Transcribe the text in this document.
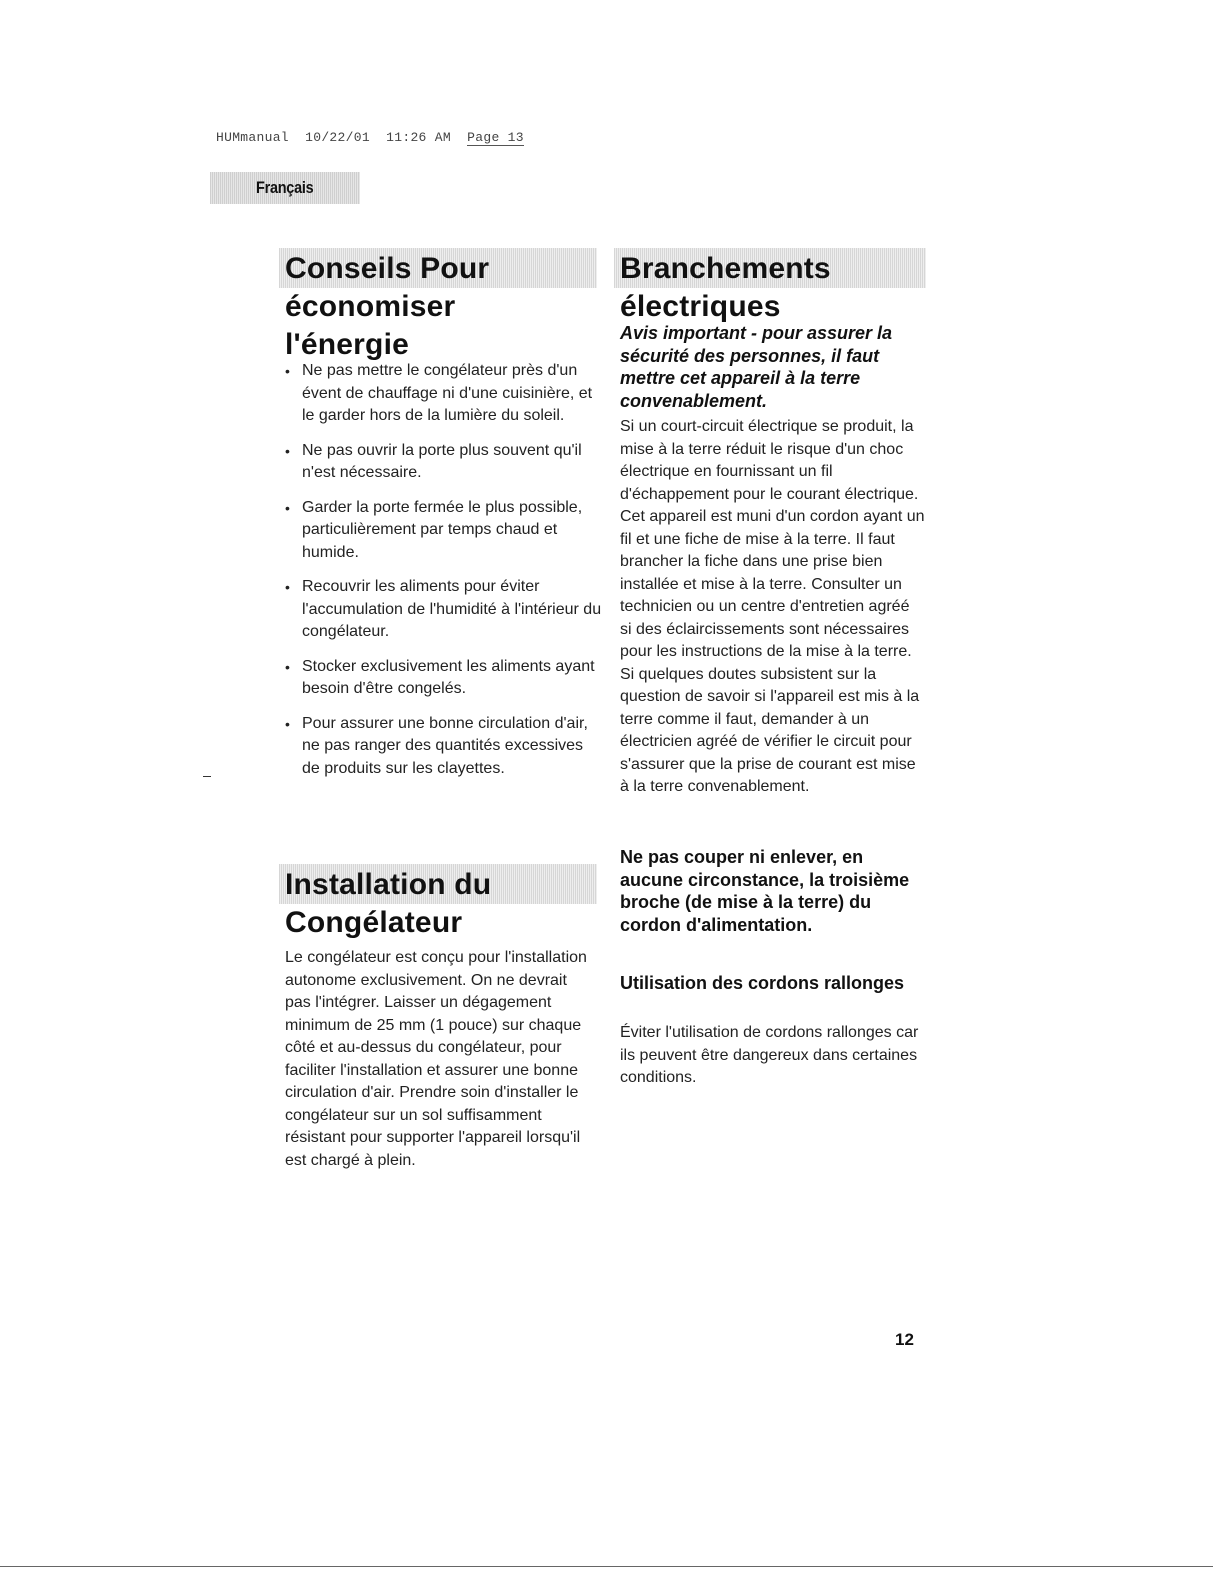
HUMmanual 10/22/01 11:26 AM Page 13
Français
Conseils Pour
économiser
l'énergie
• Ne pas mettre le congélateur près d'un évent de chauffage ni d'une cuisinière, et le garder hors de la lumière du soleil.
• Ne pas ouvrir la porte plus souvent qu'il n'est nécessaire.
• Garder la porte fermée le plus possible, particulièrement par temps chaud et humide.
• Recouvrir les aliments pour éviter l'accumulation de l'humidité à l'intérieur du congélateur.
• Stocker exclusivement les aliments ayant besoin d'être congelés.
• Pour assurer une bonne circulation d'air, ne pas ranger des quantités excessives de produits sur les clayettes.
Installation du
Congélateur

Le congélateur est conçu pour l'installation autonome exclusivement. On ne devrait pas l'intégrer. Laisser un dégagement minimum de 25 mm (1 pouce) sur chaque côté et au-dessus du congélateur, pour faciliter l'installation et assurer une bonne circulation d'air. Prendre soin d'installer le congélateur sur un sol suffisamment résistant pour supporter l'appareil lorsqu'il est chargé à plein.

Branchements
électriques

Avis important - pour assurer la sécurité des personnes, il faut mettre cet appareil à la terre convenablement.

Si un court-circuit électrique se produit, la mise à la terre réduit le risque d'un choc électrique en fournissant un fil d'échappement pour le courant électrique. Cet appareil est muni d'un cordon ayant un fil et une fiche de mise à la terre. Il faut brancher la fiche dans une prise bien installée et mise à la terre. Consulter un technicien ou un centre d'entretien agréé si des éclaircissements sont nécessaires pour les instructions de la mise à la terre. Si quelques doutes subsistent sur la question de savoir si l'appareil est mis à la terre comme il faut, demander à un électricien agréé de vérifier le circuit pour s'assurer que la prise de courant est mise à la terre convenablement.

Ne pas couper ni enlever, en aucune circonstance, la troisième broche (de mise à la terre) du cordon d'alimentation.

Utilisation des cordons rallonges

Éviter l'utilisation de cordons rallonges car ils peuvent être dangereux dans certaines conditions.

12
